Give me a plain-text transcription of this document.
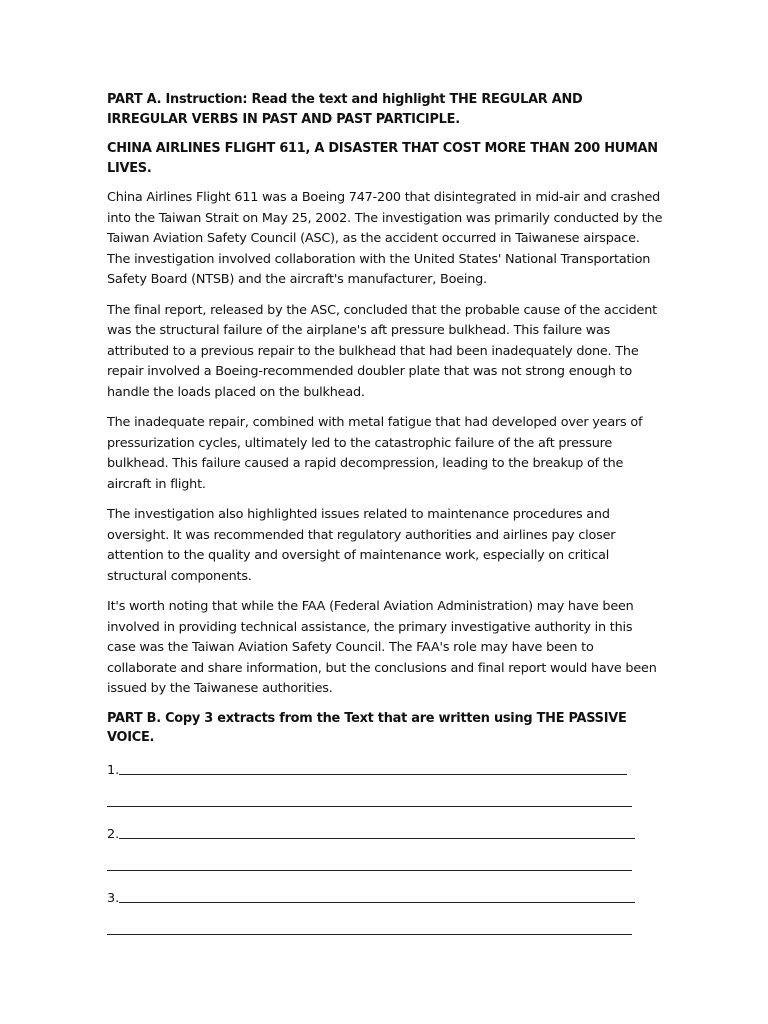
PART A. Instruction: Read the text and highlight THE REGULAR AND IRREGULAR VERBS IN PAST AND PAST PARTICIPLE.

CHINA AIRLINES FLIGHT 611, A DISASTER THAT COST MORE THAN 200 HUMAN LIVES.

China Airlines Flight 611 was a Boeing 747-200 that disintegrated in mid-air and crashed into the Taiwan Strait on May 25, 2002. The investigation was primarily conducted by the Taiwan Aviation Safety Council (ASC), as the accident occurred in Taiwanese airspace. The investigation involved collaboration with the United States' National Transportation Safety Board (NTSB) and the aircraft's manufacturer, Boeing.

The final report, released by the ASC, concluded that the probable cause of the accident was the structural failure of the airplane's aft pressure bulkhead. This failure was attributed to a previous repair to the bulkhead that had been inadequately done. The repair involved a Boeing-recommended doubler plate that was not strong enough to handle the loads placed on the bulkhead.

The inadequate repair, combined with metal fatigue that had developed over years of pressurization cycles, ultimately led to the catastrophic failure of the aft pressure bulkhead. This failure caused a rapid decompression, leading to the breakup of the aircraft in flight.

The investigation also highlighted issues related to maintenance procedures and oversight. It was recommended that regulatory authorities and airlines pay closer attention to the quality and oversight of maintenance work, especially on critical structural components.

It's worth noting that while the FAA (Federal Aviation Administration) may have been involved in providing technical assistance, the primary investigative authority in this case was the Taiwan Aviation Safety Council. The FAA's role may have been to collaborate and share information, but the conclusions and final report would have been issued by the Taiwanese authorities.

PART B. Copy 3 extracts from the Text that are written using THE PASSIVE VOICE.

1.
2.
3.
